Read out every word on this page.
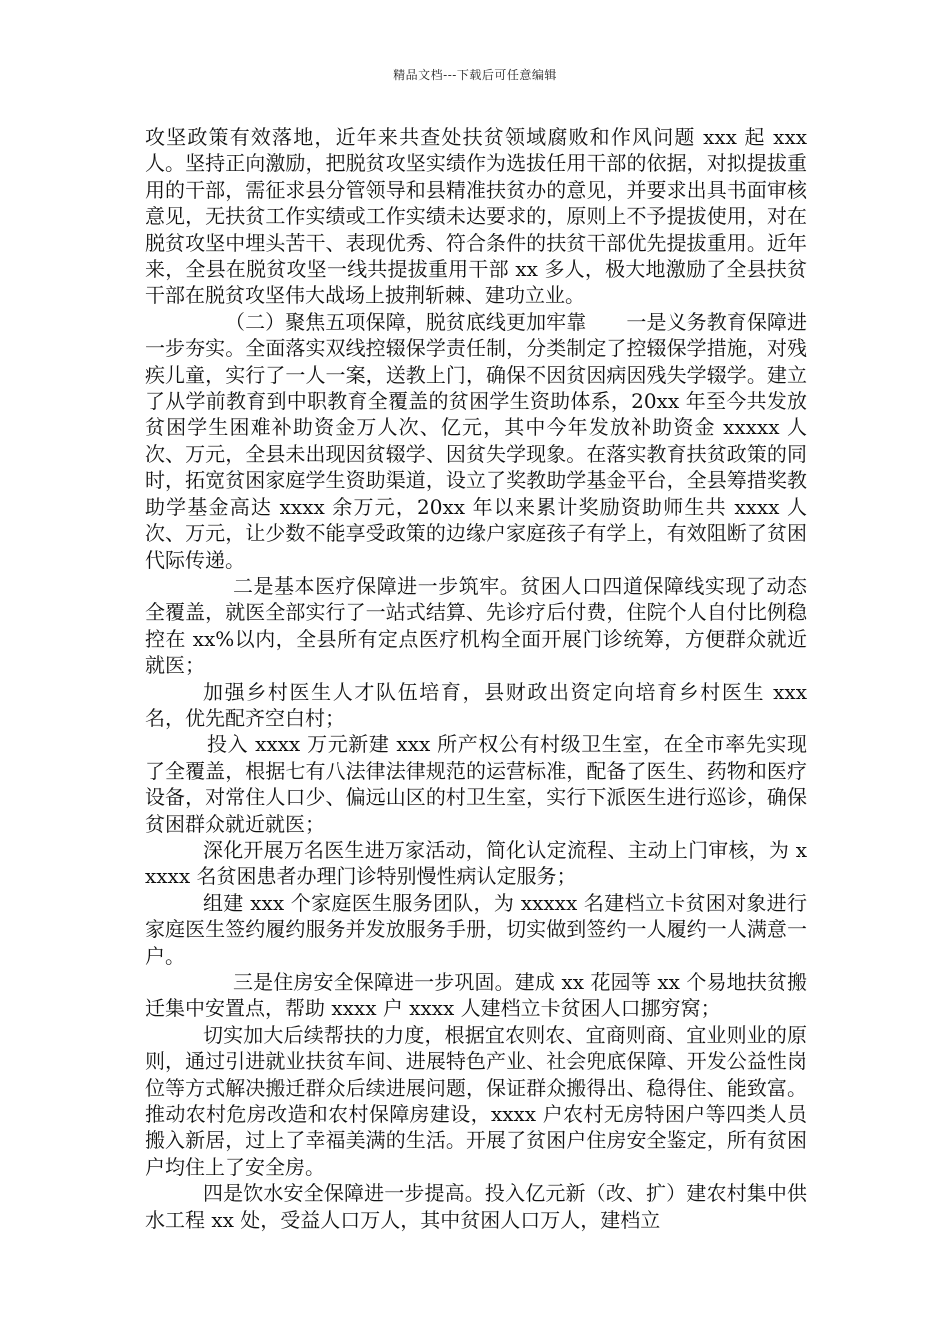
精品文档---下载后可任意编辑

攻坚政策有效落地，近年来共查处扶贫领域腐败和作风问题 xxx 起 xxx 人。坚持正向激励，把脱贫攻坚实绩作为选拔任用干部的依据，对拟提拔重用的干部，需征求县分管领导和县精准扶贫办的意见，并要求出具书面审核意见，无扶贫工作实绩或工作实绩未达要求的，原则上不予提拔使用，对在脱贫攻坚中埋头苦干、表现优秀、符合条件的扶贫干部优先提拔重用。近年来，全县在脱贫攻坚一线共提拔重用干部 xx 多人，极大地激励了全县扶贫干部在脱贫攻坚伟大战场上披荆斩棘、建功立业。

（二）聚焦五项保障，脱贫底线更加牢靠　　一是义务教育保障进一步夯实。全面落实双线控辍保学责任制，分类制定了控辍保学措施，对残疾儿童，实行了一人一案，送教上门，确保不因贫因病因残失学辍学。建立了从学前教育到中职教育全覆盖的贫困学生资助体系，20xx 年至今共发放贫困学生困难补助资金万人次、亿元，其中今年发放补助资金 xxxxx 人次、万元，全县未出现因贫辍学、因贫失学现象。在落实教育扶贫政策的同时，拓宽贫困家庭学生资助渠道，设立了奖教助学基金平台，全县筹措奖教助学基金高达 xxxx 余万元，20xx 年以来累计奖励资助师生共 xxxx 人次、万元，让少数不能享受政策的边缘户家庭孩子有学上，有效阻断了贫困代际传递。

二是基本医疗保障进一步筑牢。贫困人口四道保障线实现了动态全覆盖，就医全部实行了一站式结算、先诊疗后付费，住院个人自付比例稳控在 xx%以内，全县所有定点医疗机构全面开展门诊统筹，方便群众就近就医；

加强乡村医生人才队伍培育，县财政出资定向培育乡村医生 xxx 名，优先配齐空白村；

投入 xxxx 万元新建 xxx 所产权公有村级卫生室，在全市率先实现了全覆盖，根据七有八法律法律规范的运营标准，配备了医生、药物和医疗设备，对常住人口少、偏远山区的村卫生室，实行下派医生进行巡诊，确保贫困群众就近就医；

深化开展万名医生进万家活动，简化认定流程、主动上门审核，为 xxxxx 名贫困患者办理门诊特别慢性病认定服务；

组建 xxx 个家庭医生服务团队，为 xxxxx 名建档立卡贫困对象进行家庭医生签约履约服务并发放服务手册，切实做到签约一人履约一人满意一户。

三是住房安全保障进一步巩固。建成 xx 花园等 xx 个易地扶贫搬迁集中安置点，帮助 xxxx 户 xxxx 人建档立卡贫困人口挪穷窝；

切实加大后续帮扶的力度，根据宜农则农、宜商则商、宜业则业的原则，通过引进就业扶贫车间、进展特色产业、社会兜底保障、开发公益性岗位等方式解决搬迁群众后续进展问题，保证群众搬得出、稳得住、能致富。推动农村危房改造和农村保障房建设，xxxx 户农村无房特困户等四类人员搬入新居，过上了幸福美满的生活。开展了贫困户住房安全鉴定，所有贫困户均住上了安全房。

四是饮水安全保障进一步提高。投入亿元新（改、扩）建农村集中供水工程 xx 处，受益人口万人，其中贫困人口万人，建档立
